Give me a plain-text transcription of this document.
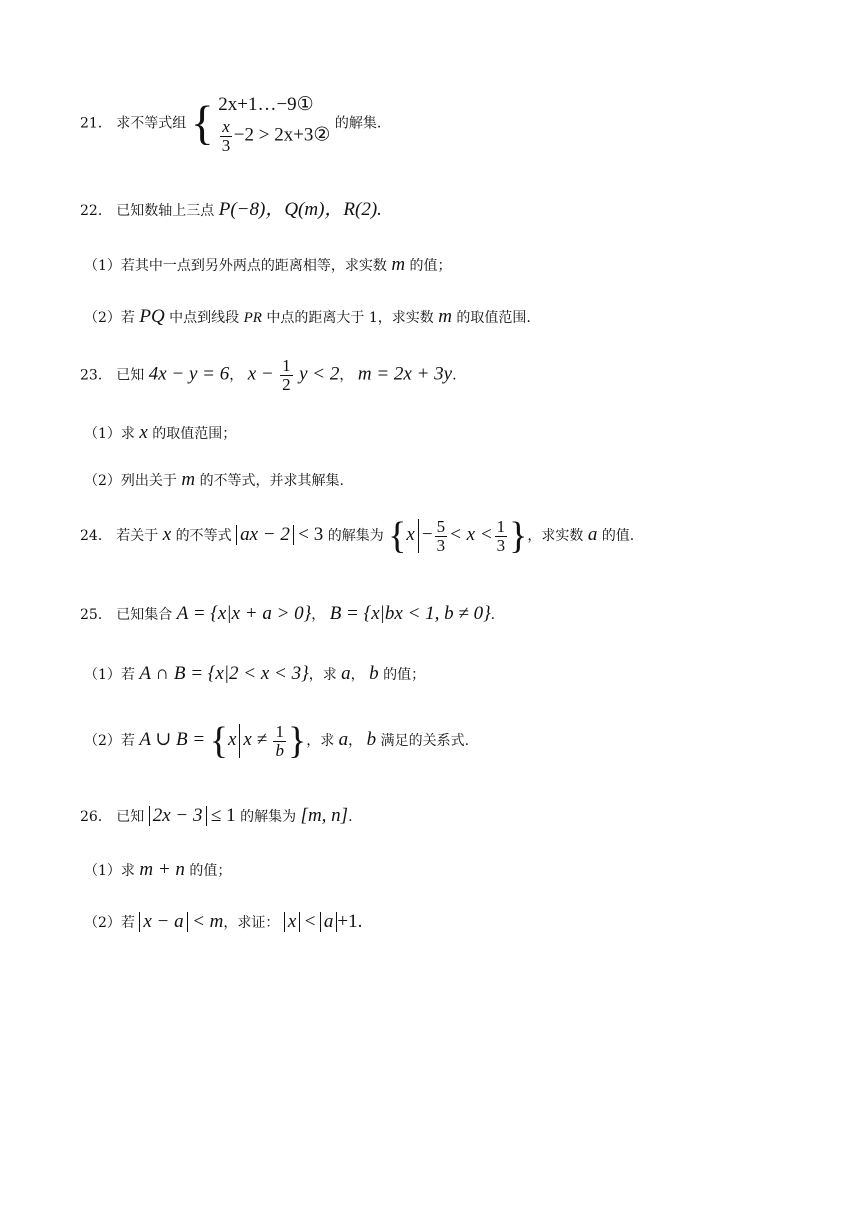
21． 求不等式组 { 2x+1…−9①
$\frac{x}{3} -2$ > 2x+3②
的解集.
22． 已知数轴上三点 P(−8)，Q(m)，R(2).
（1）若其中一点到另外两点的距离相等，求实数 m 的值；
（2）若 PQ 中点到线段 PR 中点的距离大于 1，求实数 m 的取值范围.
23． 已知 4x − y = 6， $x - \frac{1}{2}$ y < 2， m = 2x + 3y.
（1）求 x 的取值范围；
（2）列出关于 m 的不等式，并求其解集.
24． 若关于 x 的不等式 ax − 2 < 3 的解集为 {$x - \frac{5}{3} < x < \frac{1}{3}$ }，求实数 a 的值.
25． 已知集合 A = {x|x + a > 0}， B = {x|bx < 1, b ≠ 0}.
（1）若 A ∩ B = {x|2 < x < 3}，求 a， b 的值；
（2）若 A ∪ B = {x $x \ne \frac{1}{b}$ }，求 a， b 满足的关系式.
26． 已知 2x − 3 ≤ 1 的解集为 [m, n].
（1）求 m + n 的值；
（2）若 x − a < m，求证： x < a +1.
